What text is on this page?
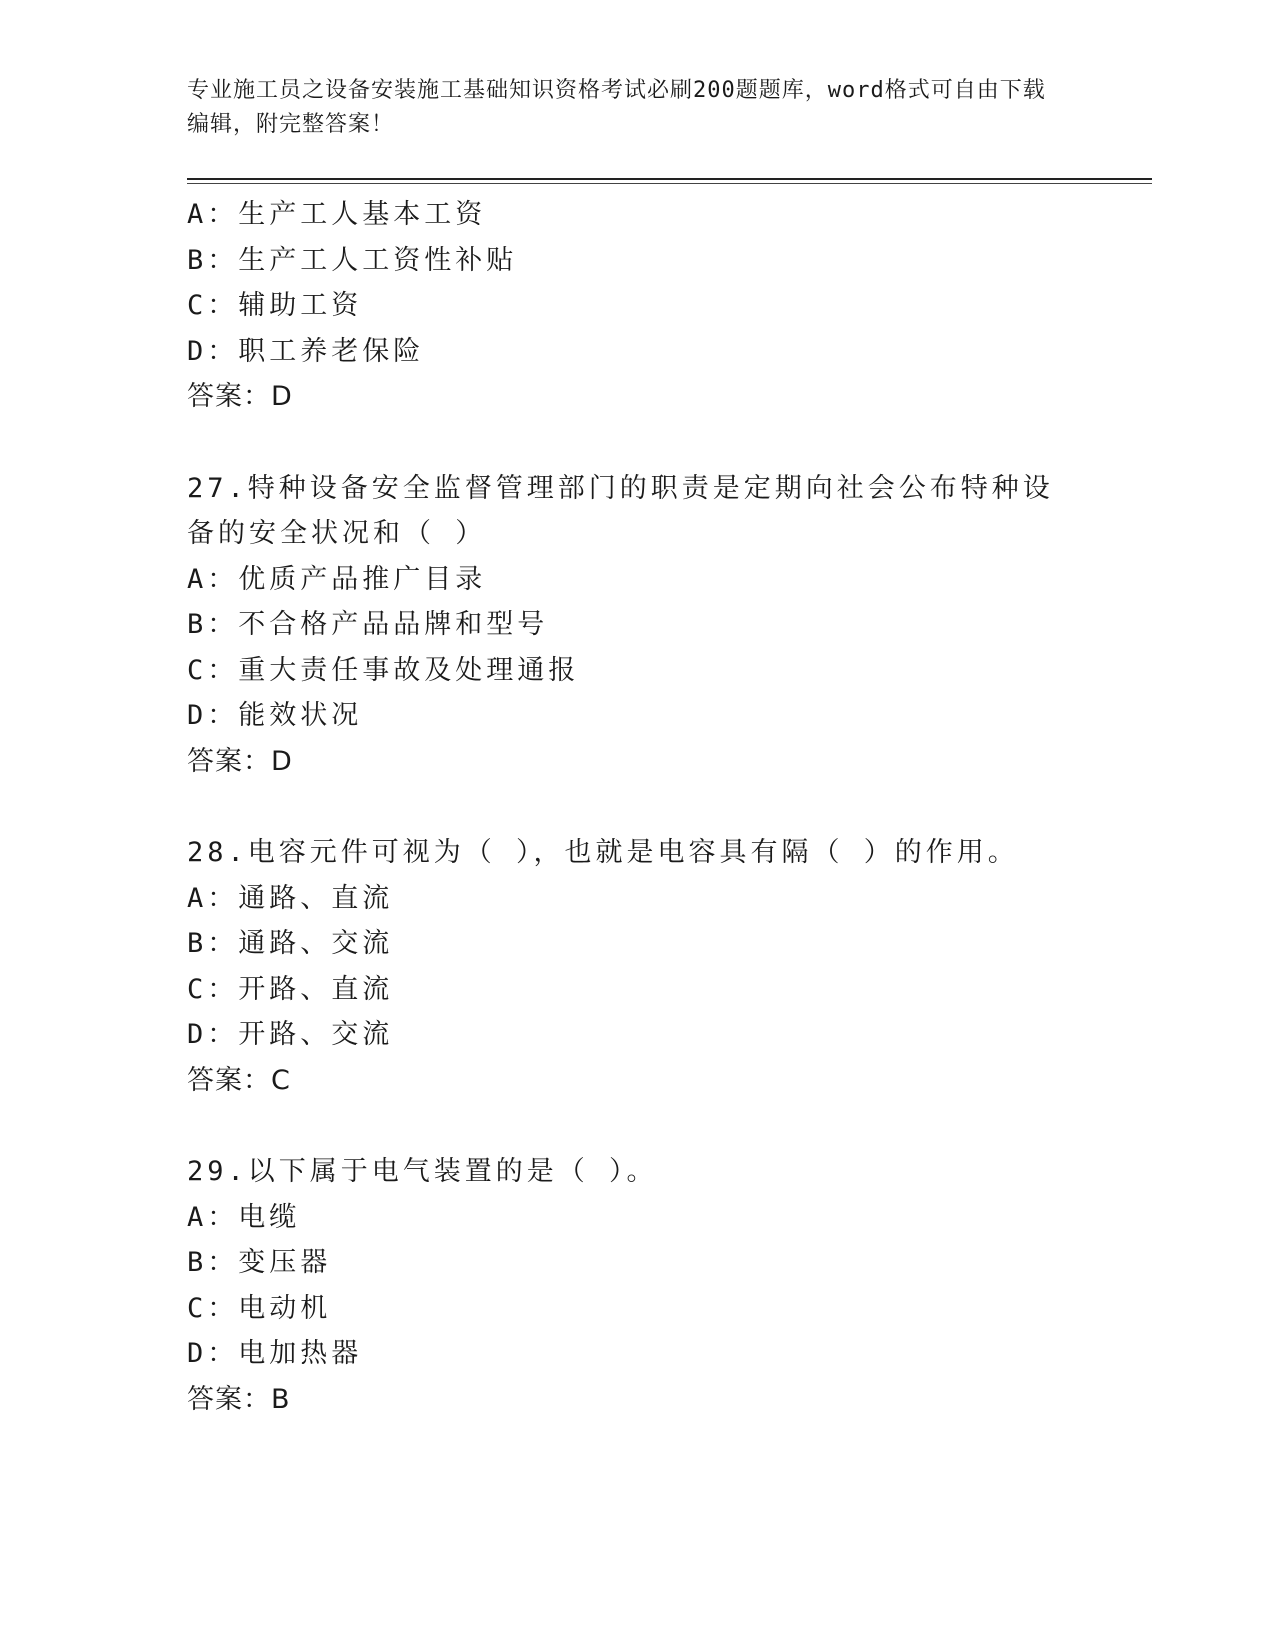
专业施工员之设备安装施工基础知识资格考试必刷200题题库，word格式可自由下载编辑，附完整答案！
A：生产工人基本工资
B：生产工人工资性补贴
C：辅助工资
D：职工养老保险
答案：D
27.特种设备安全监督管理部门的职责是定期向社会公布特种设备的安全状况和（ ）
A：优质产品推广目录
B：不合格产品品牌和型号
C：重大责任事故及处理通报
D：能效状况
答案：D
28.电容元件可视为（ ），也就是电容具有隔（ ）的作用。
A：通路、直流
B：通路、交流
C：开路、直流
D：开路、交流
答案：C
29.以下属于电气装置的是（ ）。
A：电缆
B：变压器
C：电动机
D：电加热器
答案：B
